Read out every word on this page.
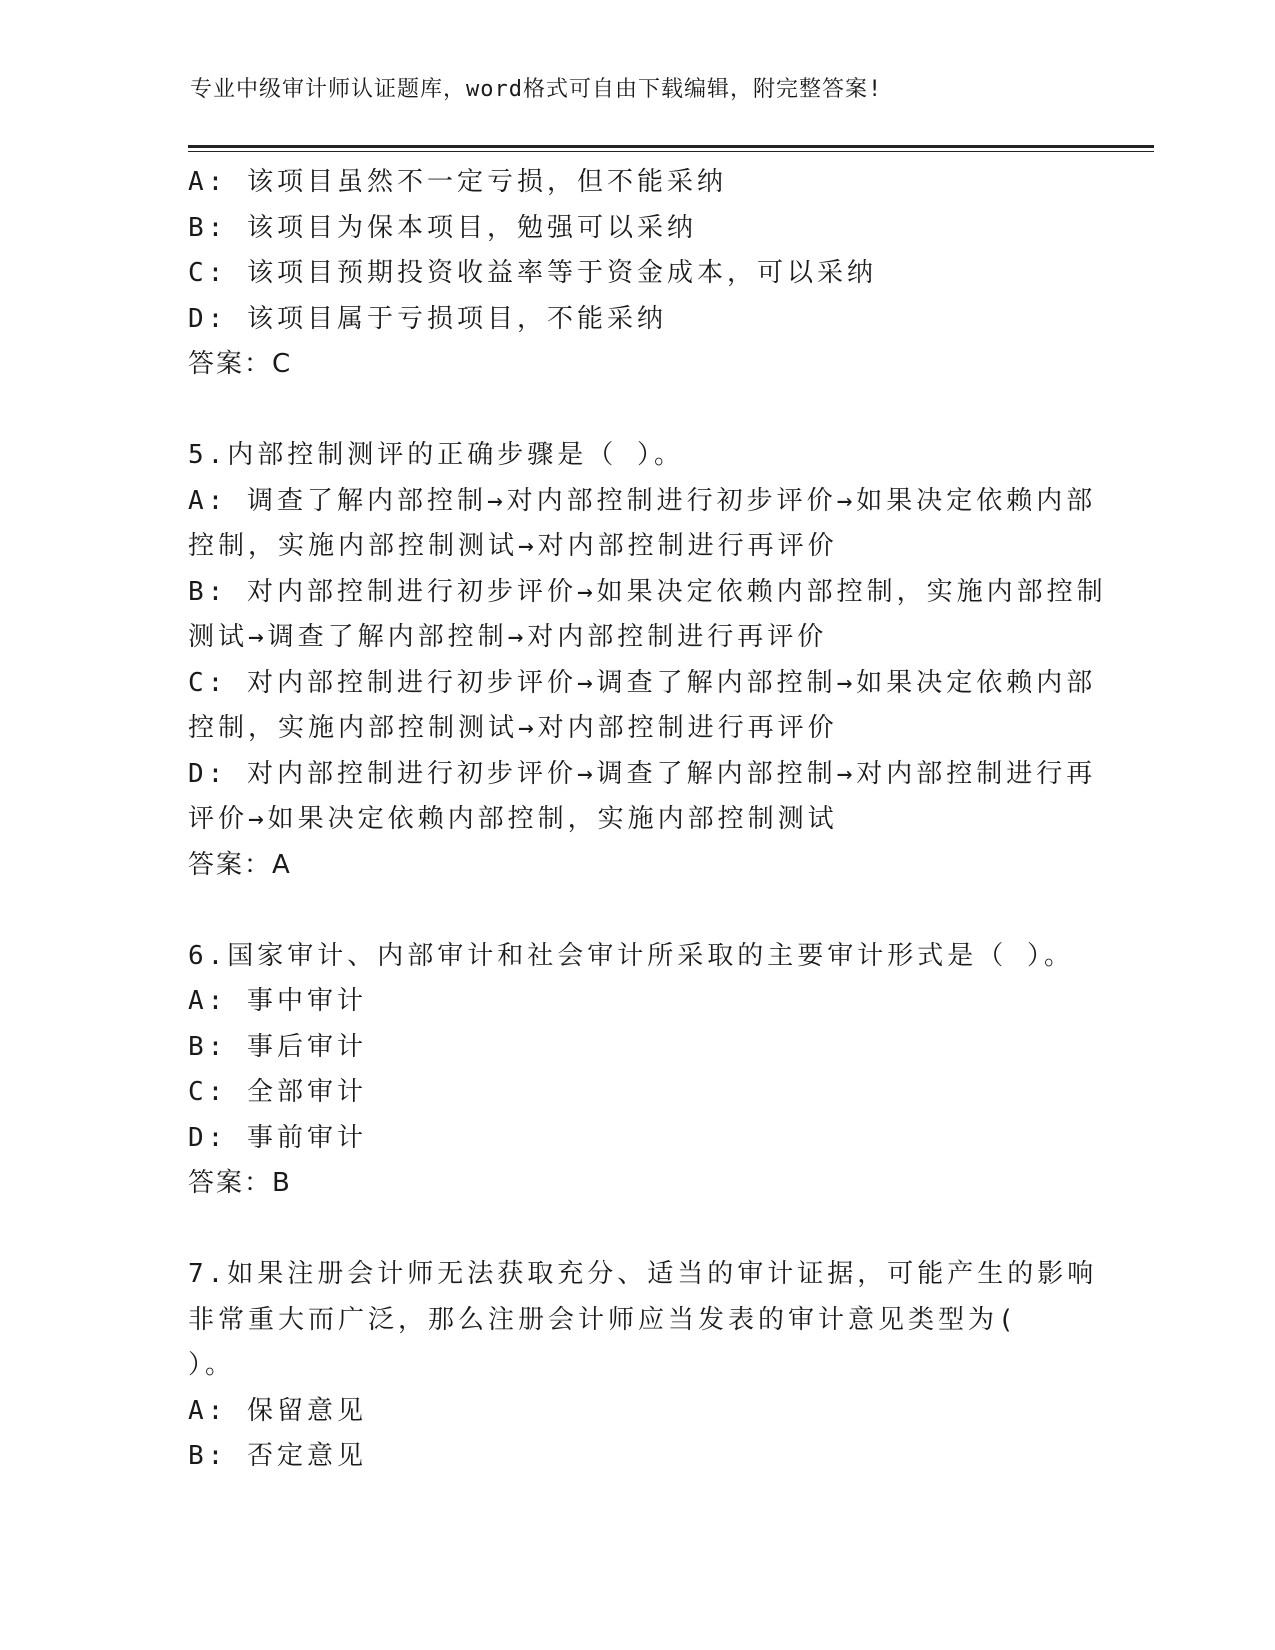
专业中级审计师认证题库，word格式可自由下载编辑，附完整答案!
A: 该项目虽然不一定亏损，但不能采纳
B: 该项目为保本项目，勉强可以采纳
C: 该项目预期投资收益率等于资金成本，可以采纳
D: 该项目属于亏损项目，不能采纳
答案：C
5.内部控制测评的正确步骤是（ ）。
A: 调查了解内部控制→对内部控制进行初步评价→如果决定依赖内部
控制，实施内部控制测试→对内部控制进行再评价
B: 对内部控制进行初步评价→如果决定依赖内部控制，实施内部控制
测试→调查了解内部控制→对内部控制进行再评价
C: 对内部控制进行初步评价→调查了解内部控制→如果决定依赖内部
控制，实施内部控制测试→对内部控制进行再评价
D: 对内部控制进行初步评价→调查了解内部控制→对内部控制进行再
评价→如果决定依赖内部控制，实施内部控制测试
答案：A
6.国家审计、内部审计和社会审计所采取的主要审计形式是（ ）。
A: 事中审计
B: 事后审计
C: 全部审计
D: 事前审计
答案：B
7.如果注册会计师无法获取充分、适当的审计证据，可能产生的影响
非常重大而广泛，那么注册会计师应当发表的审计意见类型为(
）。
A: 保留意见
B: 否定意见
